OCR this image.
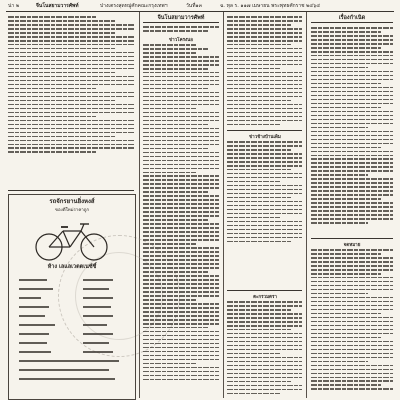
น่า ๒	จีนโนสยามวารศัพท์	ปางเตรงสุดหมู่ศักคณะกรุงเทพฯ	วันที่๑๓	ฉ. ทุล ร. ๑๑๗ เมษายน พระพุทธศักราช ๒๔๖๔
รถจักรยานยิ่งหงส์
ของดีใหม่ราคาถูก
ห้าง เลแลเวตตเนซ์ซิ์
จีนโนสยามวารศัพท์
ข่าวโครงนอ
ข่าวข้างบ้านเดิม
ตะกรวมตรา
เรื่องกำเนิด
จดหมาย
